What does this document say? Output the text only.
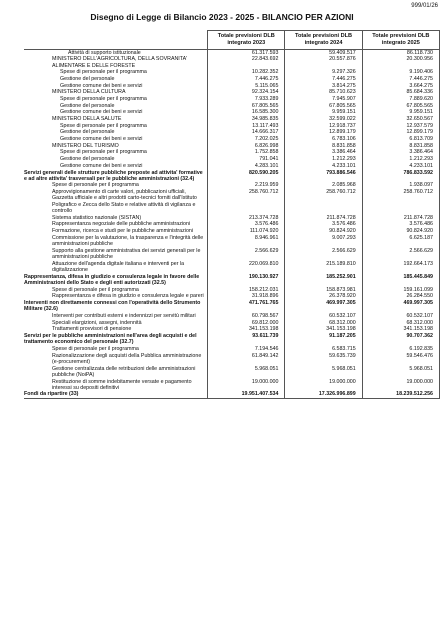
999/01/26
Disegno di Legge di Bilancio 2023 - 2025 - BILANCIO PER AZIONI
	Totale previsioni DLB integrato 2023	Totale previsioni DLB integrato 2024	Totale previsioni DLB integrato 2025
Attività di supporto istituzionale	61.317.593	59.409.517	86.118.730
MINISTERO DELL'AGRICOLTURA, DELLA SOVRANITA' ALIMENTARE E DELLE FORESTE	22.843.692	20.557.876	20.300.956
Spese di personale per il programma	10.282.352	9.297.326	9.190.406
Gestione del personale	7.446.275	7.446.275	7.446.275
Gestione comune dei beni e servizi	5.115.065	3.814.275	3.664.275
MINISTERO DELLA CULTURA	92.324.154	85.710.623	85.684.336
Spese di personale per il programma	7.933.289	7.945.907	7.889.620
Gestione del personale	67.805.565	67.805.565	67.805.565
Gestione comune dei beni e servizi	16.585.300	9.959.151	9.959.151
MINISTERO DELLA SALUTE	34.985.835	32.599.022	32.650.567
Spese di personale per il programma	13.117.493	12.918.737	12.937.579
Gestione del personale	14.666.317	12.899.179	12.899.179
Gestione comune dei beni e servizi	7.202.025	6.783.106	6.813.709
MINISTERO DEL TURISMO	6.826.998	8.831.858	8.831.858
Spese di personale per il programma	1.752.858	3.386.464	3.386.464
Gestione del personale	791.041	1.212.293	1.212.293
Gestione comune dei beni e servizi	4.283.101	4.233.101	4.233.101
Servizi generali delle strutture pubbliche preposte ad attivita' formative e ad altre attivita' trasversali per le pubbliche amministrazioni (32.4)	820.590.205	793.886.546	786.833.592
Spese di personale per il programma	2.219.959	2.085.968	1.938.097
Approvvigionamento di carte valori, pubblicazioni ufficiali, Gazzetta ufficiale e altri prodotti carto-tecnici forniti dall'Istituto Poligrafico e Zecca dello Stato e relative attività di vigilanza e controllo	258.760.712	258.760.712	258.760.712
Sistema statistico nazionale (SISTAN)	213.374.728	211.874.728	211.874.728
Rappresentanza negoziale delle pubbliche amministrazioni	3.576.486	3.576.486	3.576.486
Formazione, ricerca e studi per le pubbliche amministrazioni	111.074.920	90.824.920	90.824.920
Commissione per la valutazione, la trasparenza e l'integrità delle amministrazioni pubbliche	8.946.961	9.007.293	6.625.187
Supporto alla gestione amministrativa dei servizi generali per le amministrazioni pubbliche	2.566.629	2.566.629	2.566.629
Attuazione dell'agenda digitale italiana e interventi per la digitalizzazione	220.069.810	215.189.810	192.664.173
Rappresentanza, difesa in giudizio e consulenza legale in favore delle Amministrazioni dello Stato e degli enti autorizzati (32.5)	190.130.927	185.252.901	185.445.849
Spese di personale per il programma	158.212.031	158.873.981	159.161.099
Rappresentanza e difesa in giudizio e consulenza legale e pareri	31.918.896	26.378.920	26.284.550
Interventi non direttamente connessi con l'operatività dello Strumento Militare (32.6)	471.761.765	469.997.305	469.997.305
Interventi per contributi esterni e indennizzi per servitù militari	60.798.567	60.532.107	60.532.107
Speciali elargizioni, assegni, indennità	69.812.000	68.312.000	68.312.000
Trattamenti provvisori di pensione	341.153.198	341.153.198	341.153.198
Servizi per le pubbliche amministrazioni nell'area degli acquisti e del trattamento economico del personale (32.7)	93.611.739	91.187.205	90.707.362
Spese di personale per il programma	7.194.546	6.583.715	6.192.835
Razionalizzazione degli acquisti della Pubblica amministrazione (e-procurement)	61.849.142	59.635.739	59.546.476
Gestione centralizzata delle retribuzioni delle amministrazioni pubbliche (NoiPA)	5.968.051	5.968.051	5.968.051
Restituzione di somme indebitamente versate e pagamento interessi su depositi definitivi	19.000.000	19.000.000	19.000.000
Fondi da ripartire (33)	19.951.407.534	17.326.996.899	18.239.512.256
